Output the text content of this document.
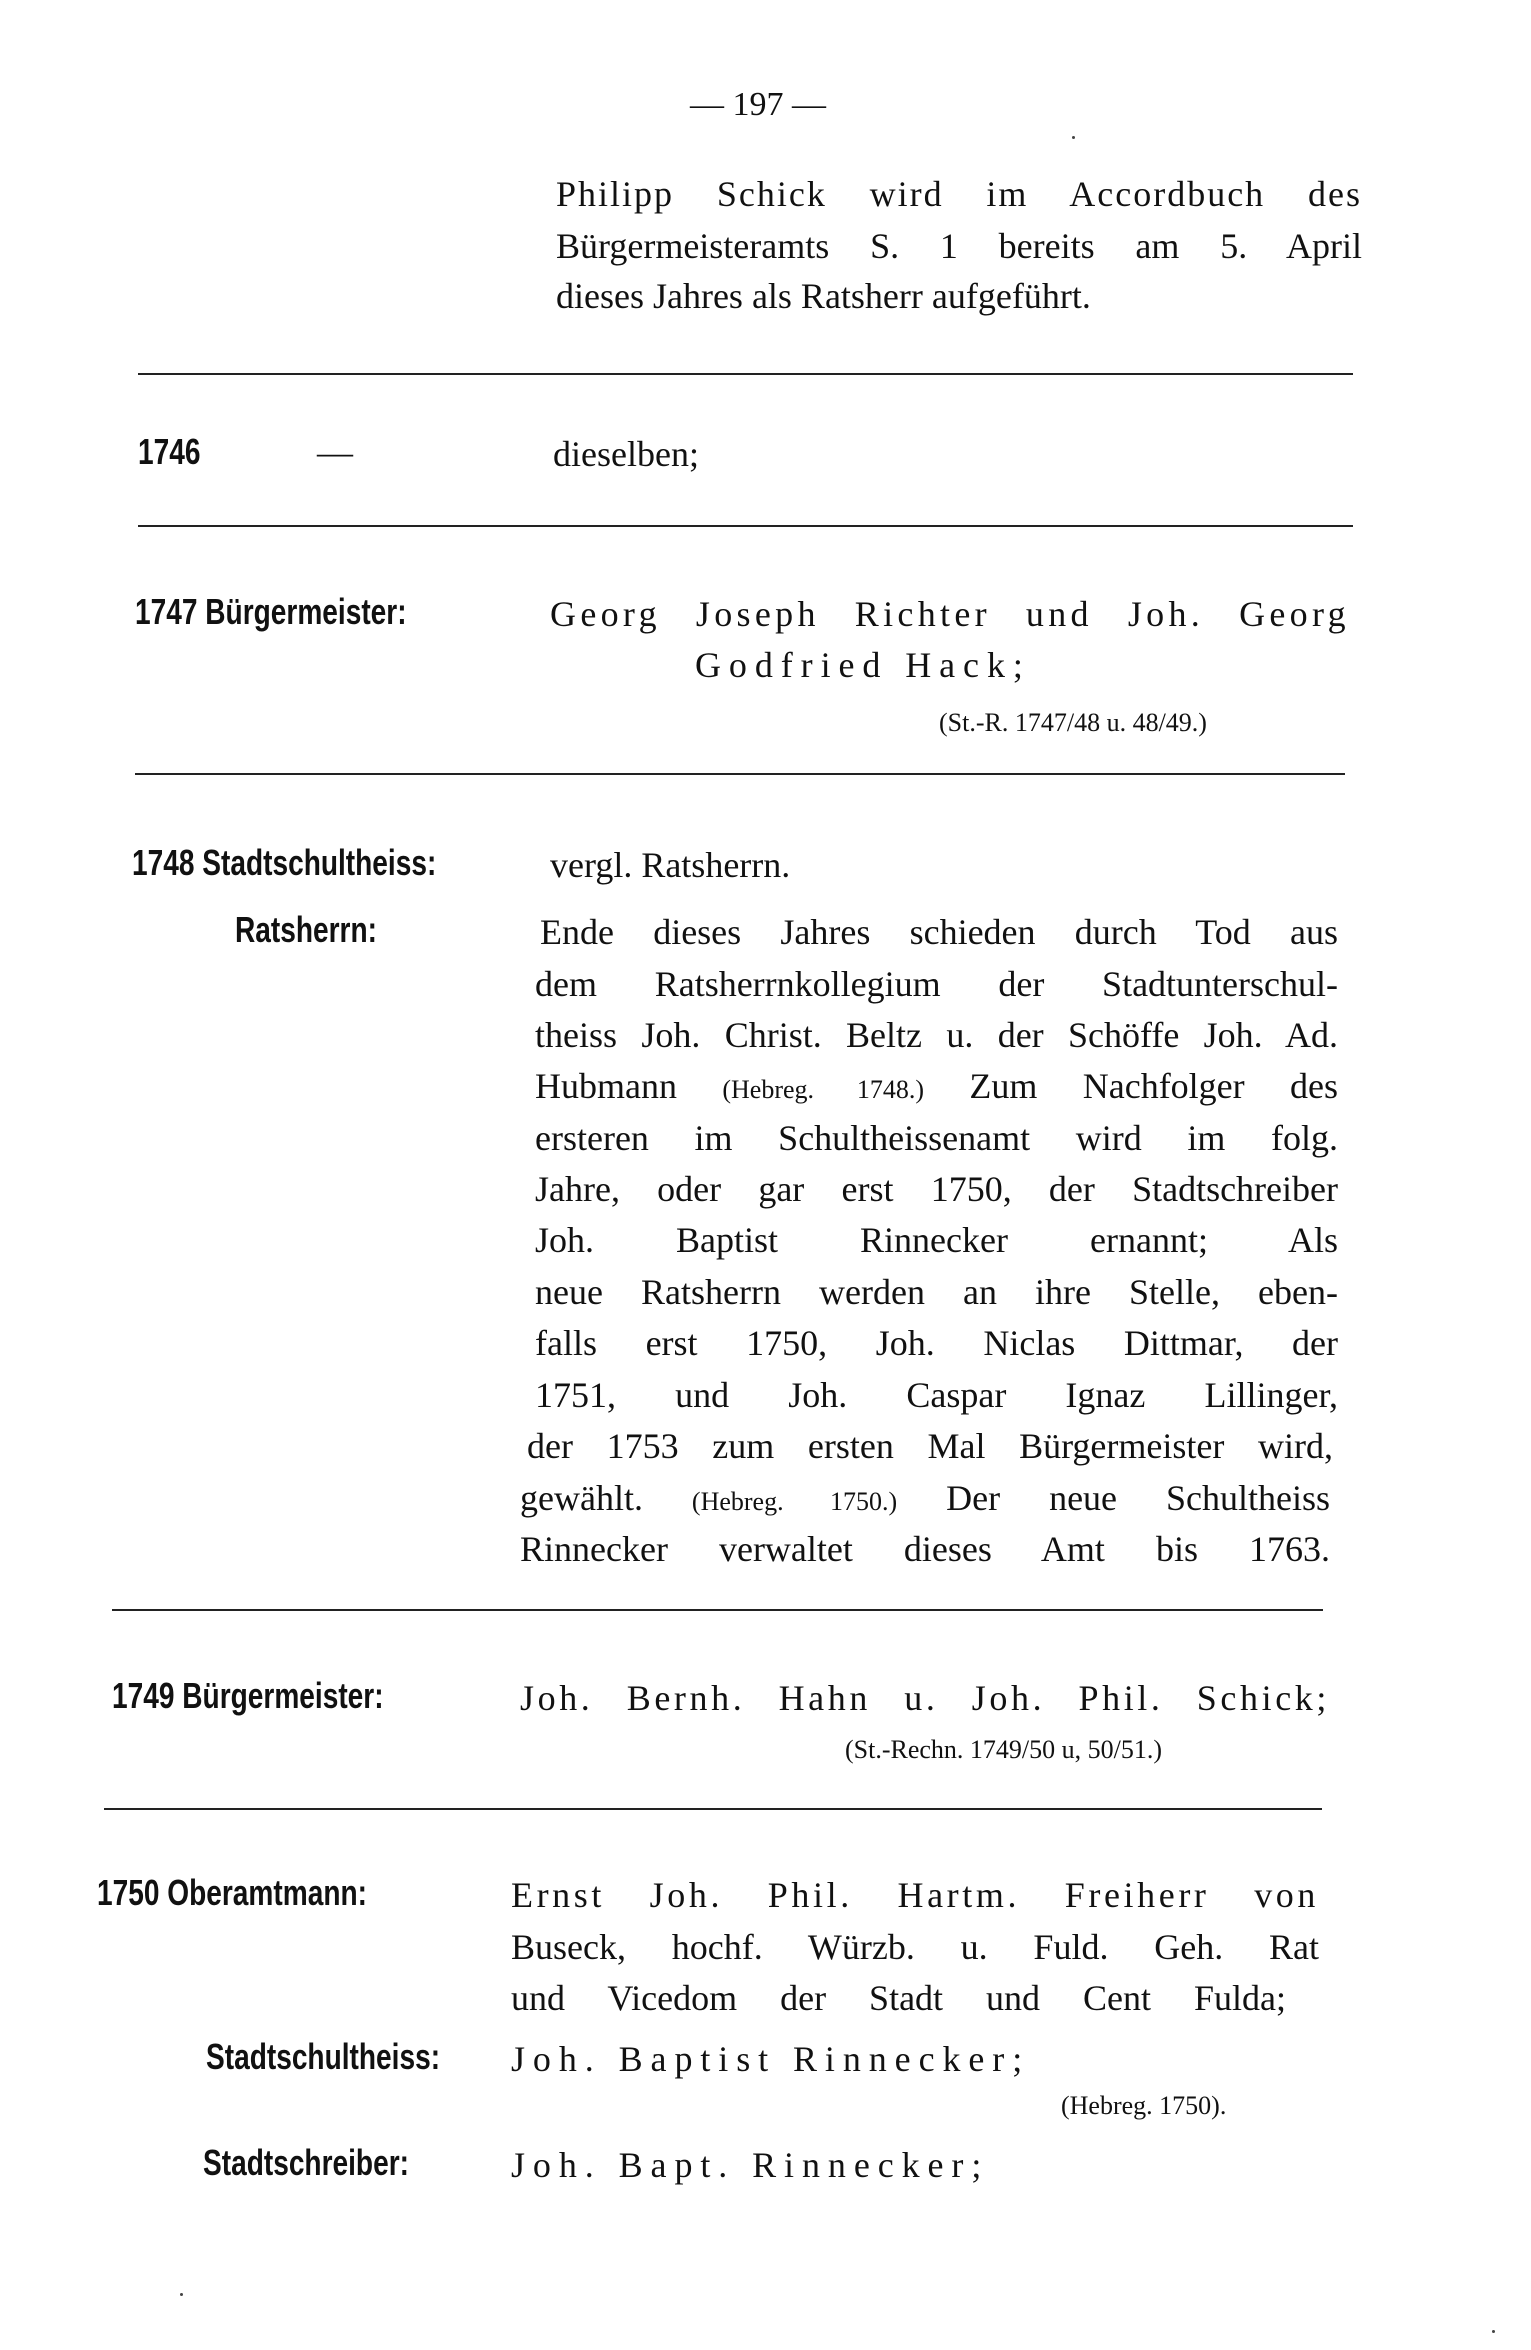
— 197 —
Philipp Schick wird im Accordbuch des
Bürgermeisteramts S. 1 bereits am 5. April
dieses Jahres als Ratsherr aufgeführt.
1746	—	dieselben;
1747 Bürgermeister:	Georg Joseph Richter und Joh. Georg
Godfried Hack;
(St.-R. 1747/48 u. 48/49.)
1748 Stadtschultheiss:	vergl. Ratsherrn.
Ratsherrn:	Ende dieses Jahres schieden durch Tod aus
dem Ratsherrnkollegium der Stadtunterschul-
theiss Joh. Christ. Beltz u. der Schöffe Joh. Ad.
Hubmann (Hebreg. 1748.) Zum Nachfolger des
ersteren im Schultheissenamt wird im folg.
Jahre, oder gar erst 1750, der Stadtschreiber
Joh. Baptist Rinnecker ernannt; Als
neue Ratsherrn werden an ihre Stelle, eben-
falls erst 1750, Joh. Niclas Dittmar, der
1751, und Joh. Caspar Ignaz Lillinger,
der 1753 zum ersten Mal Bürgermeister wird,
gewählt. (Hebreg. 1750.) Der neue Schultheiss
Rinnecker verwaltet dieses Amt bis 1763.
1749 Bürgermeister:	Joh. Bernh. Hahn u. Joh. Phil. Schick;
(St.-Rechn. 1749/50 u, 50/51.)
1750 Oberamtmann:	Ernst Joh. Phil. Hartm. Freiherr von
Buseck, hochf. Würzb. u. Fuld. Geh. Rat
und Vicedom der Stadt und Cent Fulda;
Stadtschultheiss: Joh. Baptist Rinnecker;
(Hebreg. 1750).
Stadtschreiber:	Joh. Bapt. Rinnecker;
